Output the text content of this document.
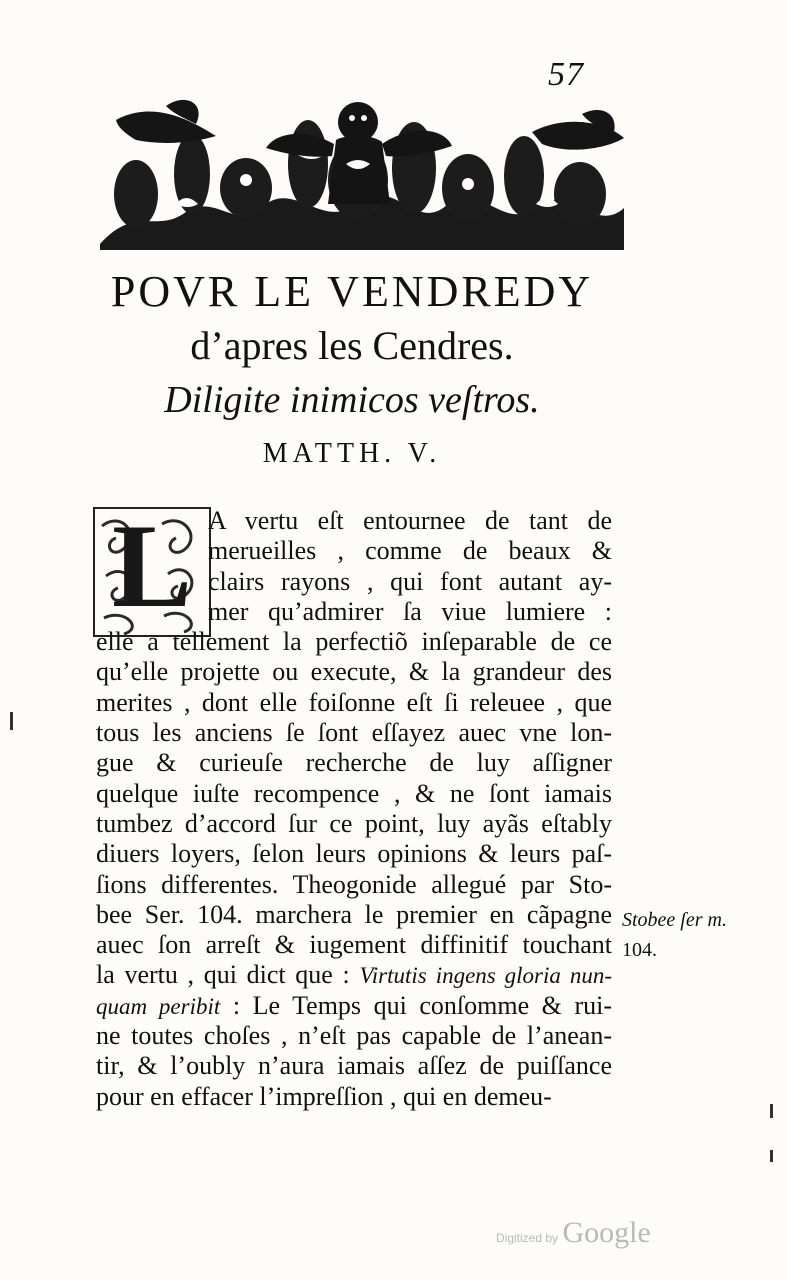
57
POVR LE VENDREDY
d’apres les Cendres.
Diligite inimicos veſtros.
MATTH. V.
L A vertu eſt entournee de tant de
merueilles , comme de beaux &
clairs rayons , qui font autant ay-
mer qu’admirer ſa viue lumiere :
elle a tellement la perfectiõ inſeparable de ce
qu’elle projette ou execute, & la grandeur des
merites , dont elle foiſonne eſt ſi releuee , que
tous les anciens ſe ſont eſſayez auec vne lon-
gue & curieuſe recherche de luy aſſigner
quelque iuſte recompence , & ne ſont iamais
tumbez d’accord ſur ce point, luy ayãs eſtably
diuers loyers, ſelon leurs opinions & leurs paſ-
ſions differentes. Theogonide allegué par Sto-
bee Ser. 104. marchera le premier en cãpagne
auec ſon arreſt & iugement diffinitif touchant
la vertu , qui dict que : Virtutis ingens gloria nun-
quam peribit : Le Temps qui conſomme & rui-
ne toutes choſes , n’eſt pas capable de l’anean-
tir, & l’oubly n’aura iamais aſſez de puiſſance
pour en effacer l’impreſſion , qui en demeu-
Stobee ſer m.
104.
Digitized by Google
